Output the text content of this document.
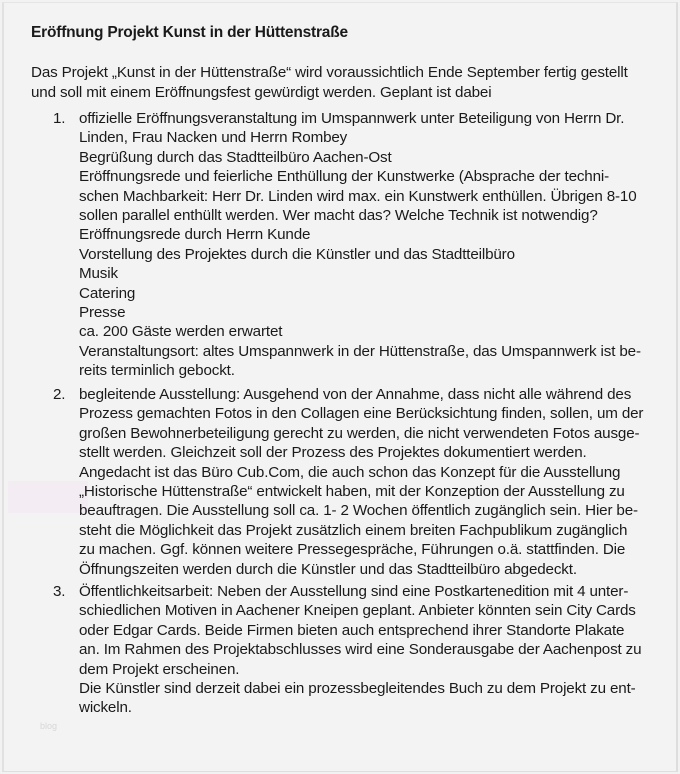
Eröffnung Projekt Kunst in der Hüttenstraße

Das Projekt „Kunst in der Hüttenstraße“ wird voraussichtlich Ende September fertig gestellt
und soll mit einem Eröffnungsfest gewürdigt werden. Geplant ist dabei

1. offizielle Eröffnungsveranstaltung im Umspannwerk unter Beteiligung von Herrn Dr.
Linden, Frau Nacken und Herrn Rombey
Begrüßung durch das Stadtteilbüro Aachen-Ost
Eröffnungsrede und feierliche Enthüllung der Kunstwerke (Absprache der techni-
schen Machbarkeit: Herr Dr. Linden wird max. ein Kunstwerk enthüllen. Übrigen 8-10
sollen parallel enthüllt werden. Wer macht das? Welche Technik ist notwendig?
Eröffnungsrede durch Herrn Kunde
Vorstellung des Projektes durch die Künstler und das Stadtteilbüro
Musik
Catering
Presse
ca. 200 Gäste werden erwartet
Veranstaltungsort: altes Umspannwerk in der Hüttenstraße, das Umspannwerk ist be-
reits terminlich gebockt.
2. begleitende Ausstellung: Ausgehend von der Annahme, dass nicht alle während des
Prozess gemachten Fotos in den Collagen eine Berücksichtung finden, sollen, um der
großen Bewohnerbeteiligung gerecht zu werden, die nicht verwendeten Fotos ausge-
stellt werden. Gleichzeit soll der Prozess des Projektes dokumentiert werden.
Angedacht ist das Büro Cub.Com, die auch schon das Konzept für die Ausstellung
„Historische Hüttenstraße“ entwickelt haben, mit der Konzeption der Ausstellung zu
beauftragen. Die Ausstellung soll ca. 1- 2 Wochen öffentlich zugänglich sein. Hier be-
steht die Möglichkeit das Projekt zusätzlich einem breiten Fachpublikum zugänglich
zu machen. Ggf. können weitere Pressegespräche, Führungen o.ä. stattfinden. Die
Öffnungszeiten werden durch die Künstler und das Stadtteilbüro abgedeckt.
3. Öffentlichkeitsarbeit: Neben der Ausstellung sind eine Postkartenedition mit 4 unter-
schiedlichen Motiven in Aachener Kneipen geplant. Anbieter könnten sein City Cards
oder Edgar Cards. Beide Firmen bieten auch entsprechend ihrer Standorte Plakate
an. Im Rahmen des Projektabschlusses wird eine Sonderausgabe der Aachenpost zu
dem Projekt erscheinen.
Die Künstler sind derzeit dabei ein prozessbegleitendes Buch zu dem Projekt zu ent-
wickeln.
blog
